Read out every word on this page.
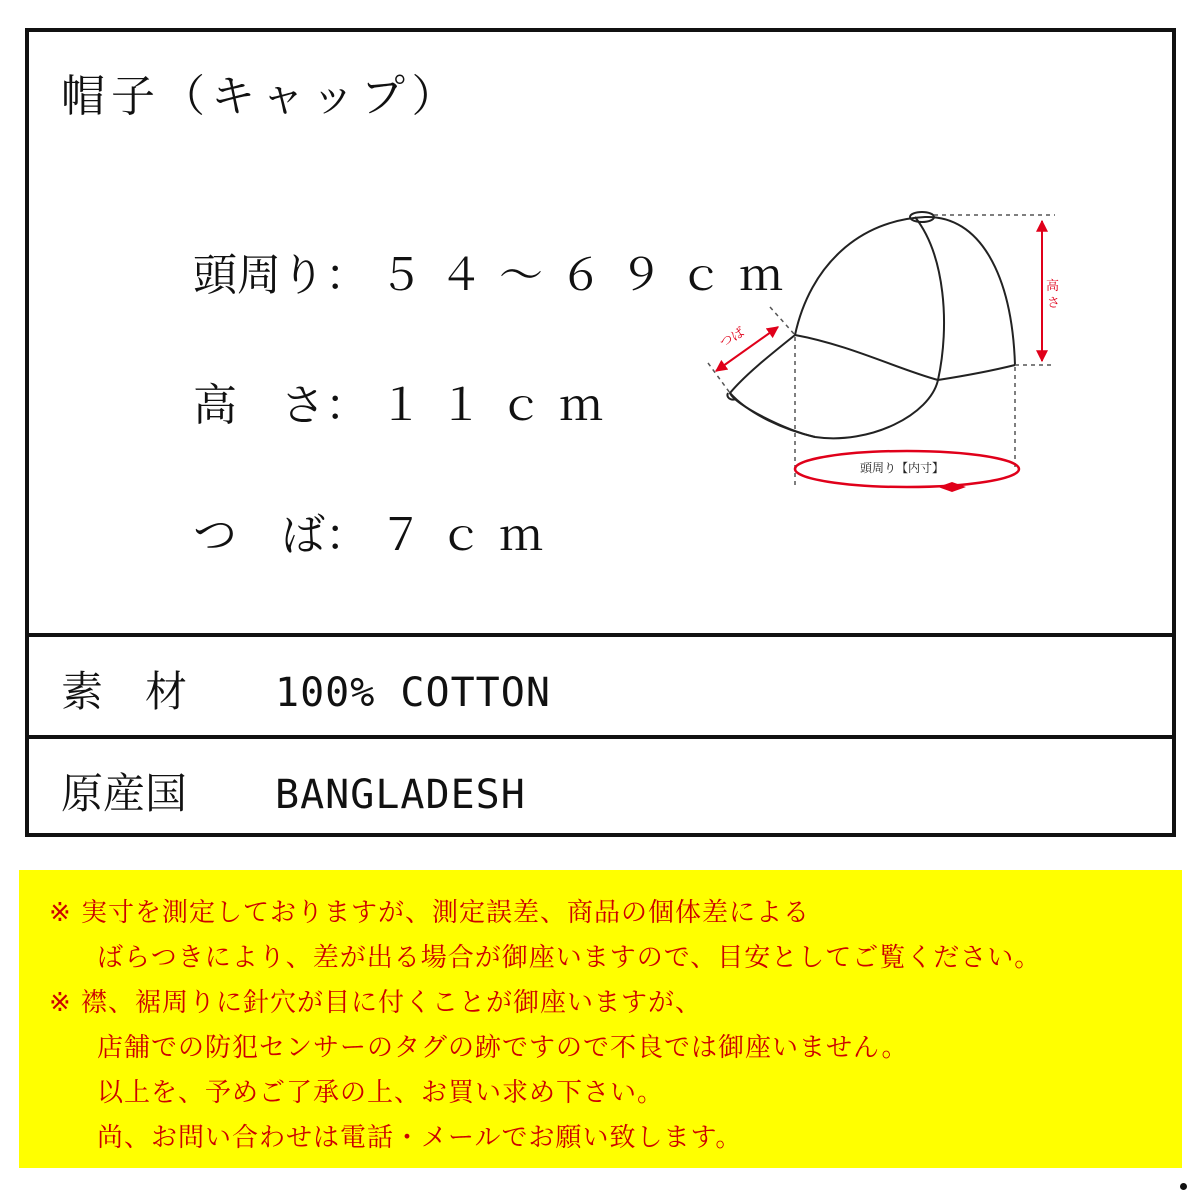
帽子（キャップ）

頭周り： ５４～６９ｃｍ

高　さ： １１ｃｍ

つ　ば： ７ｃｍ

高
さ
つば
頭周り【内寸】
素　材 100% COTTON
原産国 BANGLADESH
※ 実寸を測定しておりますが、測定誤差、商品の個体差による
ばらつきにより、差が出る場合が御座いますので、目安としてご覧ください。
※ 襟、裾周りに針穴が目に付くことが御座いますが、
店舗での防犯センサーのタグの跡ですので不良では御座いません。
以上を、予めご了承の上、お買い求め下さい。
尚、お問い合わせは電話・メールでお願い致します。
